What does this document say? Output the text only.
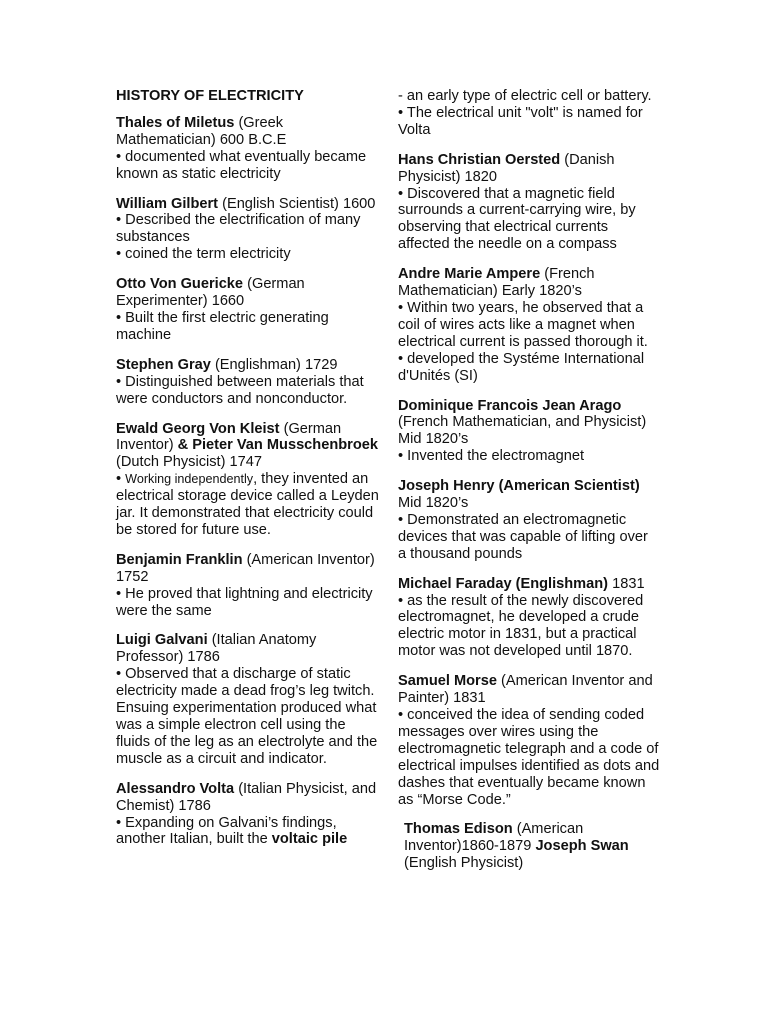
HISTORY OF ELECTRICITY

Thales of Miletus (Greek Mathematician) 600 B.C.E

• documented what eventually became known as static electricity

William Gilbert (English Scientist) 1600

• Described the electrification of many substances

• coined the term electricity

Otto Von Guericke (German Experimenter) 1660

• Built the first electric generating machine

Stephen Gray (Englishman) 1729

• Distinguished between materials that were conductors and nonconductor.

Ewald Georg Von Kleist (German Inventor) & Pieter Van Musschenbroek (Dutch Physicist) 1747

• Working independently, they invented an electrical storage device called a Leyden jar. It demonstrated that electricity could be stored for future use.

Benjamin Franklin (American Inventor) 1752

• He proved that lightning and electricity were the same

Luigi Galvani (Italian Anatomy Professor) 1786

• Observed that a discharge of static electricity made a dead frog’s leg twitch. Ensuing experimentation produced what was a simple electron cell using the fluids of the leg as an electrolyte and the muscle as a circuit and indicator.

Alessandro Volta (Italian Physicist, and Chemist) 1786

• Expanding on Galvani’s findings, another Italian, built the voltaic pile

- an early type of electric cell or battery.

• The electrical unit "volt" is named for Volta

Hans Christian Oersted (Danish Physicist) 1820

• Discovered that a magnetic field surrounds a current-carrying wire, by observing that electrical currents affected the needle on a compass

Andre Marie Ampere (French Mathematician) Early 1820’s

• Within two years, he observed that a coil of wires acts like a magnet when electrical current is passed thorough it.

• developed the Systéme International d'Unités (SI)

Dominique Francois Jean Arago (French Mathematician, and Physicist) Mid 1820’s

• Invented the electromagnet

Joseph Henry (American Scientist) Mid 1820’s

• Demonstrated an electromagnetic devices that was capable of lifting over a thousand pounds

Michael Faraday (Englishman) 1831

• as the result of the newly discovered electromagnet, he developed a crude electric motor in 1831, but a practical motor was not developed until 1870.

Samuel Morse (American Inventor and Painter) 1831

• conceived the idea of sending coded messages over wires using the electromagnetic telegraph and a code of electrical impulses identified as dots and dashes that eventually became known as “Morse Code.”

Thomas Edison (American Inventor)1860-1879 Joseph Swan (English Physicist)
